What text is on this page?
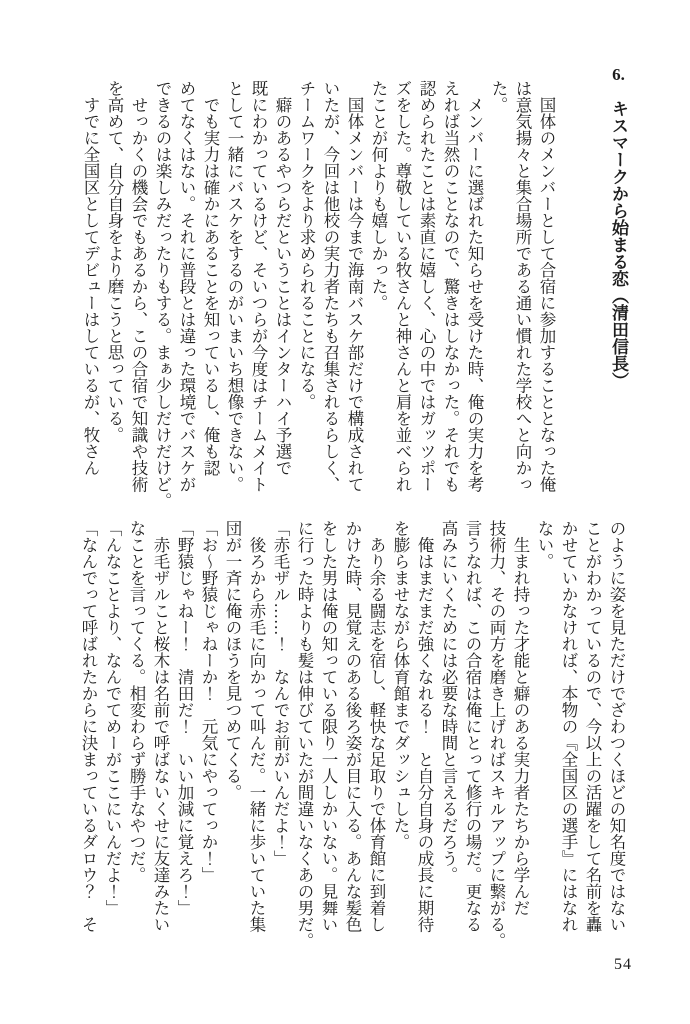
6.　キスマークから始まる恋（清田信長）
　国体のメンバーとして合宿に参加することとなった俺
は意気揚々と集合場所である通い慣れた学校へと向かっ
た。
　メンバーに選ばれた知らせを受けた時、俺の実力を考
えれば当然のことなので、驚きはしなかった。それでも
認められたことは素直に嬉しく、心の中ではガッツポー
ズをした。尊敬している牧さんと神さんと肩を並べられ
たことが何よりも嬉しかった。
　国体メンバーは今まで海南バスケ部だけで構成されて
いたが、今回は他校の実力者たちも召集されるらしく、
チームワークをより求められることになる。
　癖のあるやつらだということはインターハイ予選で
既にわかっているけど、そいつらが今度はチームメイト
として一緒にバスケをするのがいまいち想像できない。
　でも実力は確かにあることを知っているし、俺も認
めてなくはない。それに普段とは違った環境でバスケが
できるのは楽しみだったりもする。まぁ少しだけだけど。
　せっかくの機会でもあるから、この合宿で知識や技術
を高めて、自分自身をより磨こうと思っている。
　すでに全国区としてデビューはしているが、牧さん
のように姿を見ただけでざわつくほどの知名度ではない
ことがわかっているので、今以上の活躍をして名前を轟
かせていかなければ、本物の『全国区の選手』にはなれ
ない。
　生まれ持った才能と癖のある実力者たちから学んだ
技術力、その両方を磨き上げればスキルアップに繋がる。
言うなれば、この合宿は俺にとって修行の場だ。更なる
高みにいくためには必要な時間と言えるだろう。
　俺はまだまだ強くなれる！　と自分自身の成長に期待
を膨らませながら体育館までダッシュした。
　あり余る闘志を宿し、軽快な足取りで体育館に到着し
かけた時、見覚えのある後ろ姿が目に入る。あんな髪色
をした男は俺の知っている限り一人しかいない。見舞い
に行った時よりも髪は伸びていたが間違いなくあの男だ。
「赤毛ザル……！　なんでお前がいんだよ！」
　後ろから赤毛に向かって叫んだ。一緒に歩いていた集
団が一斉に俺のほうを見つめてくる。
「お〜野猿じゃねーか！　元気にやってっか！」
「野猿じゃねー！　清田だ！　いい加減に覚えろ！」
　赤毛ザルこと桜木は名前で呼ばないくせに友達みたい
なことを言ってくる。相変わらず勝手なやつだ。
「んなことより、なんでてめーがここにいんだよ！」
「なんでって呼ばれたからに決まっているダロウ？　そ
54
